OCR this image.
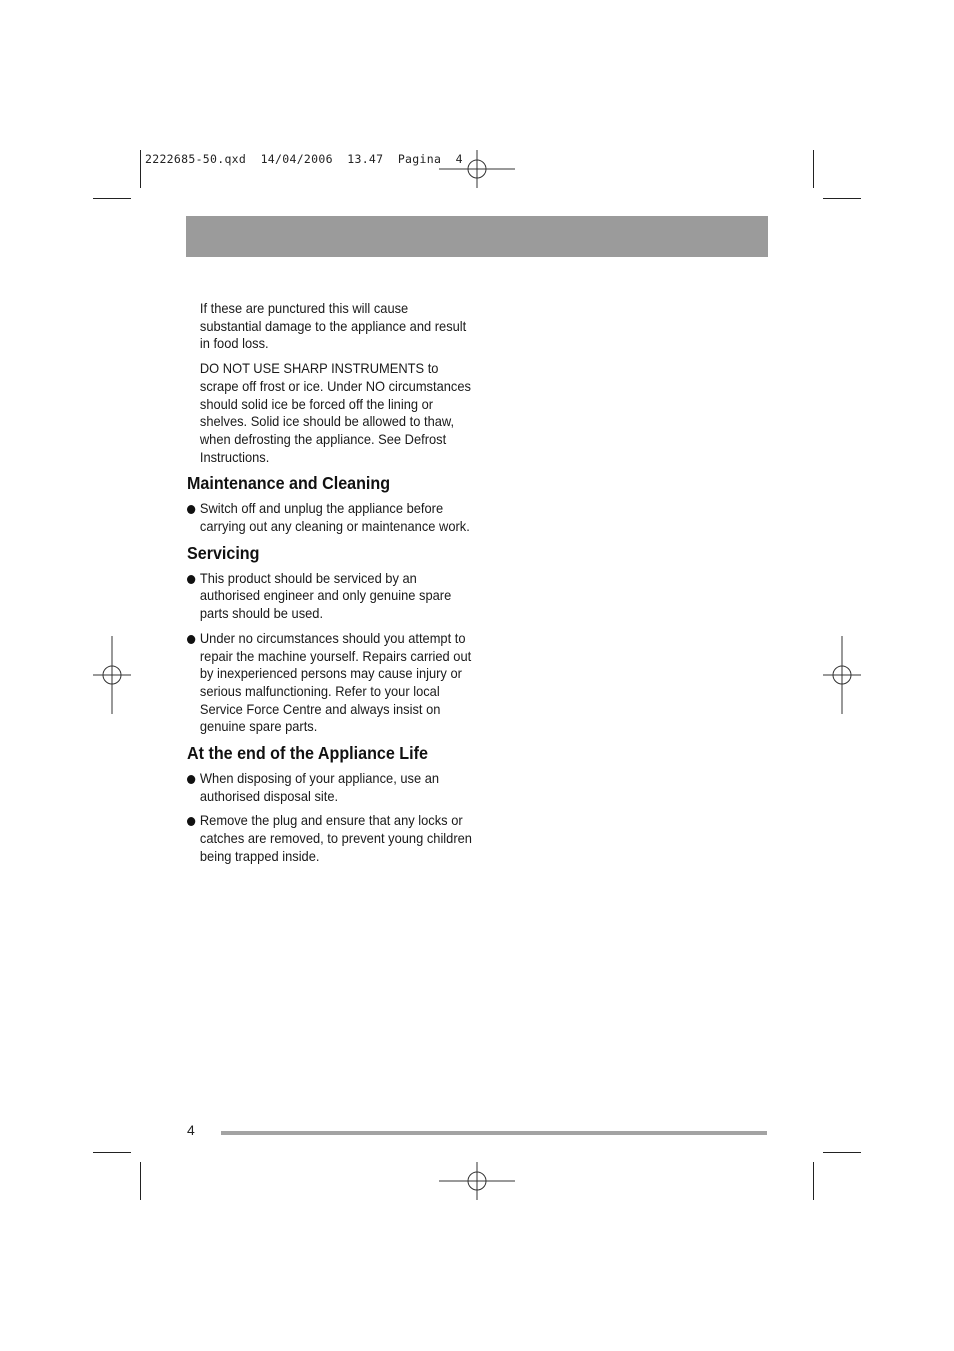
2222685-50.qxd  14/04/2006  13.47  Pagina  4

If these are punctured this will cause substantial damage to the appliance and result in food loss.

DO NOT USE SHARP INSTRUMENTS to scrape off frost or ice. Under NO circumstances should solid ice be forced off the lining or shelves. Solid ice should be allowed to thaw, when defrosting the appliance. See Defrost Instructions.

Maintenance and Cleaning
Switch off and unplug the appliance before carrying out any cleaning or maintenance work.
Servicing
This product should be serviced by an authorised engineer and only genuine spare parts should be used.
Under no circumstances should you attempt to repair the machine yourself. Repairs carried out by inexperienced persons may cause injury or serious malfunctioning. Refer to your local Service Force Centre and always insist on genuine spare parts.
At the end of the Appliance Life
When disposing of your appliance, use an authorised disposal site.
Remove the plug and ensure that any locks or catches are removed, to prevent young children being trapped inside.
4
